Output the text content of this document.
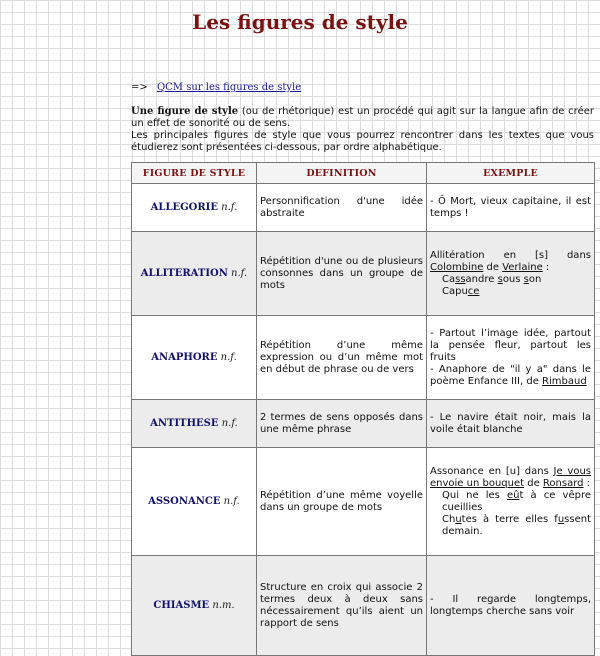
Les figures de style
=> QCM sur les figures de style

Une figure de style (ou de rhétorique) est un procédé qui agit sur la langue afin de créer un effet de sonorité ou de sens.

Les principales figures de style que vous pourrez rencontrer dans les textes que vous étudierez sont présentées ci-dessous, par ordre alphabétique.

FIGURE DE STYLE	DEFINITION	EXEMPLE
ALLEGORIE n.f.	Personnification d'une idée abstraite	- Ô Mort, vieux capitaine, il est temps !
ALLITERATION n.f.	Répétition d'une ou de plusieurs consonnes dans un groupe de mots	Allitération en [s] dans Colombine de Verlaine :
Cassandre sous son
Capuce

ANAPHORE n.f.	Répétition d’une même expression ou d’un même mot en début de phrase ou de vers	- Partout l’image idée, partout la pensée fleur, partout les fruits
- Anaphore de "il y a" dans le poème Enfance III, de Rimbaud

ANTITHESE n.f.	2 termes de sens opposés dans une même phrase	- Le navire était noir, mais la voile était blanche
ASSONANCE n.f.	Répétition d’une même voyelle dans un groupe de mots	Assonance en [u] dans Je vous envoie un bouquet de Ronsard :
Qui ne les eût à ce vêpre cueillies
Chutes à terre elles fussent demain.

CHIASME n.m.	Structure en croix qui associe 2 termes deux à deux sans nécessairement qu’ils aient un rapport de sens	- Il regarde longtemps, longtemps cherche sans voir
